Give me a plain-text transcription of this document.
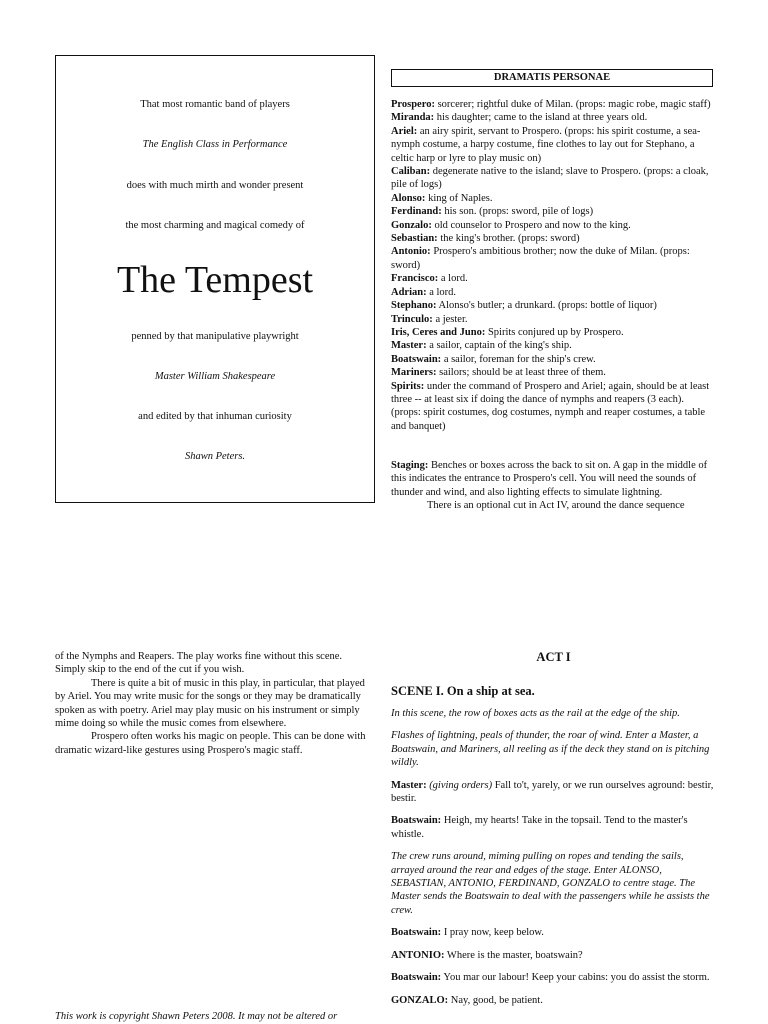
That most romantic band of players
The English Class in Performance
does with much mirth and wonder present
the most charming and magical comedy of
The Tempest
penned by that manipulative playwright
Master William Shakespeare
and edited by that inhuman curiosity
Shawn Peters.
DRAMATIS PERSONAE

Prospero: sorcerer; rightful duke of Milan. (props: magic robe, magic staff)

Miranda: his daughter; came to the island at three years old.

Ariel: an airy spirit, servant to Prospero. (props: his spirit costume, a sea-nymph costume, a harpy costume, fine clothes to lay out for Stephano, a celtic harp or lyre to play music on)

Caliban: degenerate native to the island; slave to Prospero. (props: a cloak, pile of logs)

Alonso: king of Naples.

Ferdinand: his son. (props: sword, pile of logs)

Gonzalo: old counselor to Prospero and now to the king.

Sebastian: the king's brother. (props: sword)

Antonio: Prospero's ambitious brother; now the duke of Milan. (props: sword)

Francisco: a lord.

Adrian: a lord.

Stephano: Alonso's butler; a drunkard. (props: bottle of liquor)

Trinculo: a jester.

Iris, Ceres and Juno: Spirits conjured up by Prospero.

Master: a sailor, captain of the king's ship.

Boatswain: a sailor, foreman for the ship's crew.

Mariners: sailors; should be at least three of them.

Spirits: under the command of Prospero and Ariel; again, should be at least three -- at least six if doing the dance of nymphs and reapers (3 each). (props: spirit costumes, dog costumes, nymph and reaper costumes, a table and banquet)

Staging: Benches or boxes across the back to sit on. A gap in the middle of this indicates the entrance to Prospero's cell. You will need the sounds of thunder and wind, and also lighting effects to simulate lightning.

There is an optional cut in Act IV, around the dance sequence

of the Nymphs and Reapers. The play works fine without this scene. Simply skip to the end of the cut if you wish.

There is quite a bit of music in this play, in particular, that played by Ariel. You may write music for the songs or they may be dramatically spoken as with poetry. Ariel may play music on his instrument or simply mime doing so while the music comes from elsewhere.

Prospero often works his magic on people. This can be done with dramatic wizard-like gestures using Prospero's magic staff.

This work is copyright Shawn Peters 2008. It may not be altered or
ACT I
SCENE I. On a ship at sea.

In this scene, the row of boxes acts as the rail at the edge of the ship.

Flashes of lightning, peals of thunder, the roar of wind. Enter a Master, a Boatswain, and Mariners, all reeling as if the deck they stand on is pitching wildly.

Master: (giving orders) Fall to't, yarely, or we run ourselves aground: bestir, bestir.

Boatswain: Heigh, my hearts! Take in the topsail. Tend to the master's whistle.

The crew runs around, miming pulling on ropes and tending the sails, arrayed around the rear and edges of the stage. Enter ALONSO, SEBASTIAN, ANTONIO, FERDINAND, GONZALO to centre stage. The Master sends the Boatswain to deal with the passengers while he assists the crew.

Boatswain: I pray now, keep below.

ANTONIO: Where is the master, boatswain?

Boatswain: You mar our labour! Keep your cabins: you do assist the storm.

GONZALO: Nay, good, be patient.
